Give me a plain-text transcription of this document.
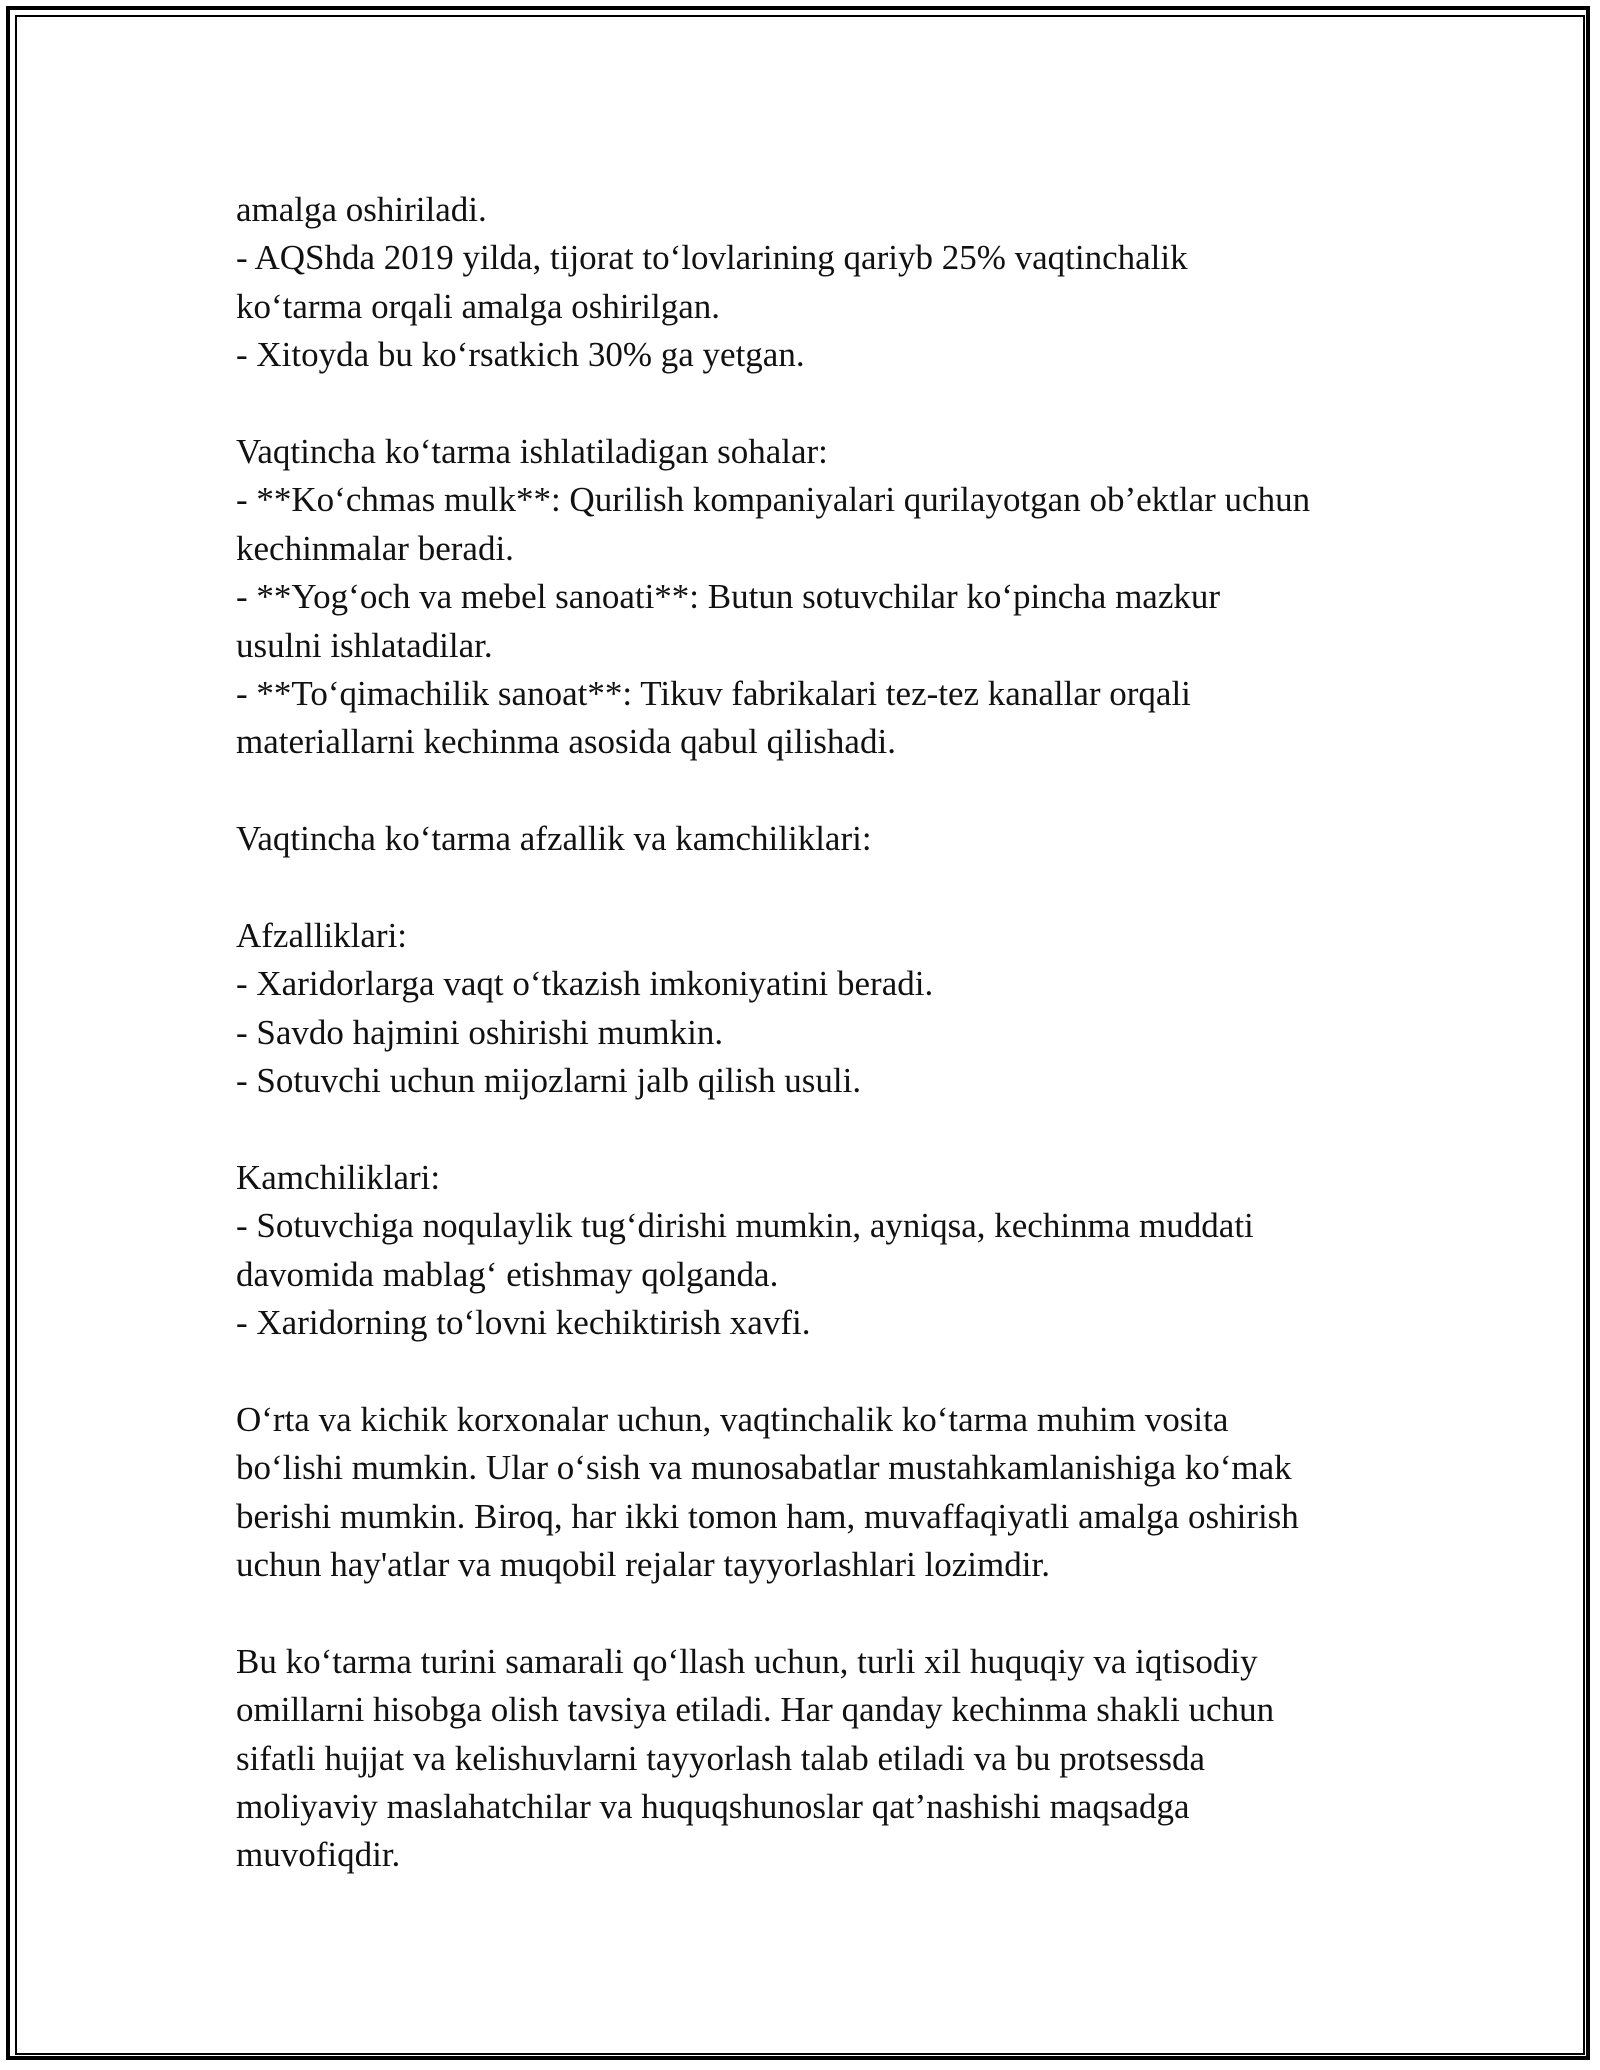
amalga oshiriladi.
- AQShda 2019 yilda, tijorat to‘lovlarining qariyb 25% vaqtinchalik
ko‘tarma orqali amalga oshirilgan.
- Xitoyda bu ko‘rsatkich 30% ga yetgan.
Vaqtincha ko‘tarma ishlatiladigan sohalar:
- **Ko‘chmas mulk**: Qurilish kompaniyalari qurilayotgan ob’ektlar uchun
kechinmalar beradi.
- **Yog‘och va mebel sanoati**: Butun sotuvchilar ko‘pincha mazkur
usulni ishlatadilar.
- **To‘qimachilik sanoat**: Tikuv fabrikalari tez-tez kanallar orqali
materiallarni kechinma asosida qabul qilishadi.
Vaqtincha ko‘tarma afzallik va kamchiliklari:
Afzalliklari:
- Xaridorlarga vaqt o‘tkazish imkoniyatini beradi.
- Savdo hajmini oshirishi mumkin.
- Sotuvchi uchun mijozlarni jalb qilish usuli.
Kamchiliklari:
- Sotuvchiga noqulaylik tug‘dirishi mumkin, ayniqsa, kechinma muddati
davomida mablag‘ etishmay qolganda.
- Xaridorning to‘lovni kechiktirish xavfi.
O‘rta va kichik korxonalar uchun, vaqtinchalik ko‘tarma muhim vosita
bo‘lishi mumkin. Ular o‘sish va munosabatlar mustahkamlanishiga ko‘mak
berishi mumkin. Biroq, har ikki tomon ham, muvaffaqiyatli amalga oshirish
uchun hay'atlar va muqobil rejalar tayyorlashlari lozimdir.
Bu ko‘tarma turini samarali qo‘llash uchun, turli xil huquqiy va iqtisodiy
omillarni hisobga olish tavsiya etiladi. Har qanday kechinma shakli uchun
sifatli hujjat va kelishuvlarni tayyorlash talab etiladi va bu protsessda
moliyaviy maslahatchilar va huquqshunoslar qat’nashishi maqsadga
muvofiqdir.
